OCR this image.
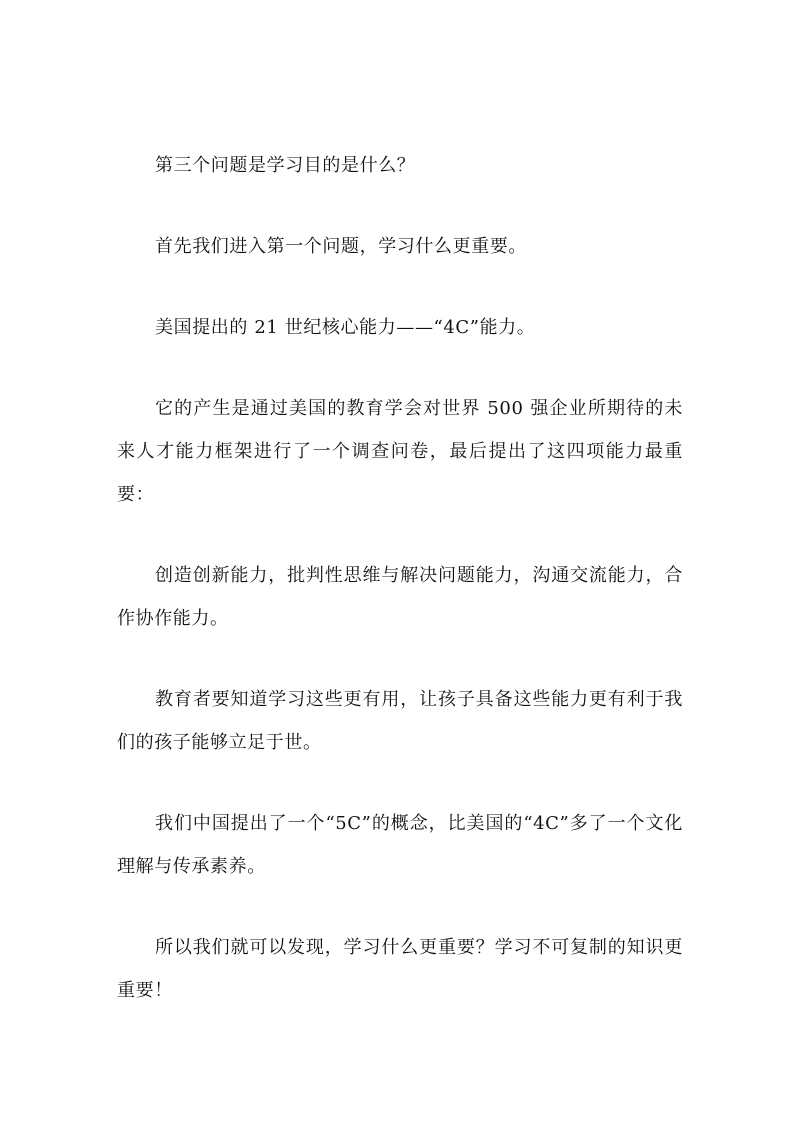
第三个问题是学习目的是什么？

首先我们进入第一个问题，学习什么更重要。

美国提出的 21 世纪核心能力——“4C”能力。

它的产生是通过美国的教育学会对世界 500 强企业所期待的未来人才能力框架进行了一个调查问卷，最后提出了这四项能力最重要：

创造创新能力，批判性思维与解决问题能力，沟通交流能力，合作协作能力。

教育者要知道学习这些更有用，让孩子具备这些能力更有利于我们的孩子能够立足于世。

我们中国提出了一个“5C”的概念，比美国的“4C”多了一个文化理解与传承素养。

所以我们就可以发现，学习什么更重要？学习不可复制的知识更重要！
